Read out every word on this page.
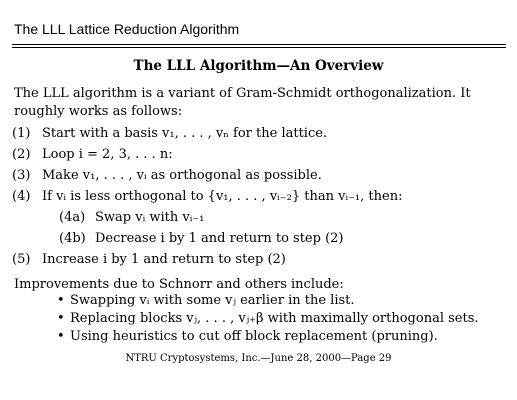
The LLL Lattice Reduction Algorithm
The LLL Algorithm—An Overview
The LLL algorithm is a variant of Gram-Schmidt orthogonalization. It
roughly works as follows:
(1) Start with a basis v₁, . . . , vₙ for the lattice.
(2) Loop i = 2, 3, . . . n:
(3) Make v₁, . . . , vᵢ as orthogonal as possible.
(4) If vᵢ is less orthogonal to {v₁, . . . , vᵢ₋₂} than vᵢ₋₁, then:
(4a) Swap vᵢ with vᵢ₋₁
(4b) Decrease i by 1 and return to step (2)
(5) Increase i by 1 and return to step (2)
Improvements due to Schnorr and others include:
• Swapping vᵢ with some vⱼ earlier in the list.
• Replacing blocks vⱼ, . . . , vⱼ₊β with maximally orthogonal sets.
• Using heuristics to cut off block replacement (pruning).
NTRU Cryptosystems, Inc.—June 28, 2000—Page 29
